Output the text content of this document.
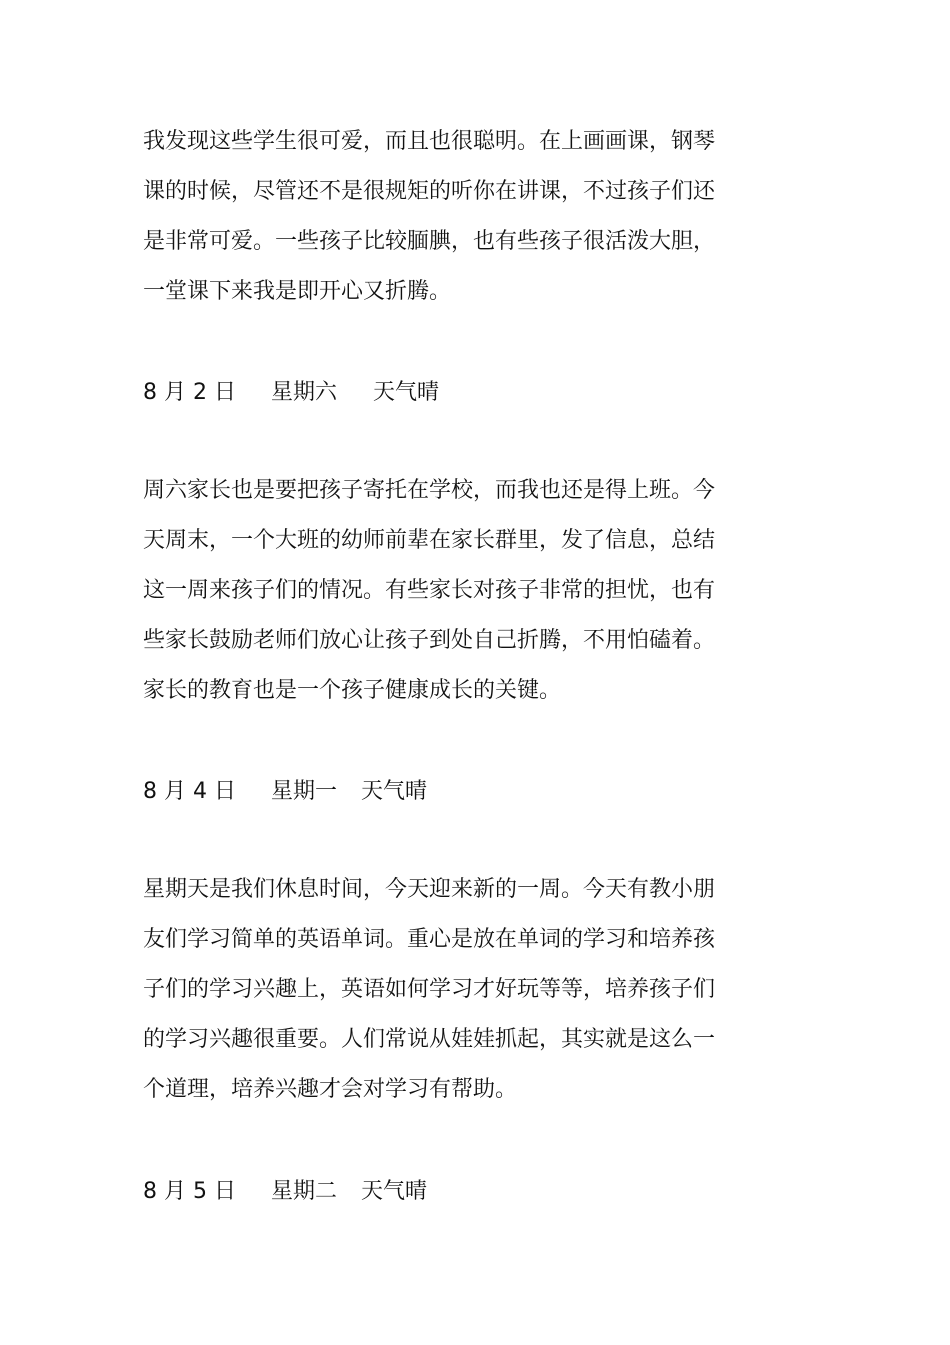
我发现这些学生很可爱，而且也很聪明。在上画画课，钢琴
课的时候，尽管还不是很规矩的听你在讲课，不过孩子们还
是非常可爱。一些孩子比较腼腆，也有些孩子很活泼大胆，
一堂课下来我是即开心又折腾。
8 月 2 日 星期六 天气晴
周六家长也是要把孩子寄托在学校，而我也还是得上班。今
天周末，一个大班的幼师前辈在家长群里，发了信息，总结
这一周来孩子们的情况。有些家长对孩子非常的担忧，也有
些家长鼓励老师们放心让孩子到处自己折腾，不用怕磕着。
家长的教育也是一个孩子健康成长的关键。
8 月 4 日 星期一 天气晴
星期天是我们休息时间，今天迎来新的一周。今天有教小朋
友们学习简单的英语单词。重心是放在单词的学习和培养孩
子们的学习兴趣上，英语如何学习才好玩等等，培养孩子们
的学习兴趣很重要。人们常说从娃娃抓起，其实就是这么一
个道理，培养兴趣才会对学习有帮助。
8 月 5 日 星期二 天气晴
